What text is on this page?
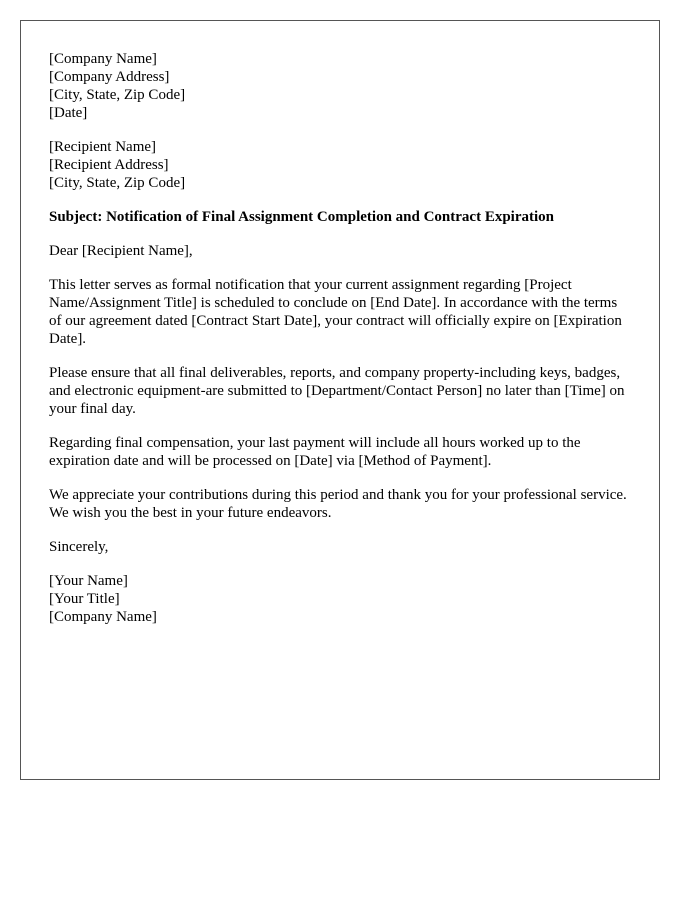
[Company Name]
[Company Address]
[City, State, Zip Code]
[Date]
[Recipient Name]
[Recipient Address]
[City, State, Zip Code]
Subject: Notification of Final Assignment Completion and Contract Expiration

Dear [Recipient Name],

This letter serves as formal notification that your current assignment regarding [Project Name/Assignment Title] is scheduled to conclude on [End Date]. In accordance with the terms of our agreement dated [Contract Start Date], your contract will officially expire on [Expiration Date].

Please ensure that all final deliverables, reports, and company property-including keys, badges, and electronic equipment-are submitted to [Department/Contact Person] no later than [Time] on your final day.

Regarding final compensation, your last payment will include all hours worked up to the expiration date and will be processed on [Date] via [Method of Payment].

We appreciate your contributions during this period and thank you for your professional service. We wish you the best in your future endeavors.

Sincerely,

[Your Name]
[Your Title]
[Company Name]
